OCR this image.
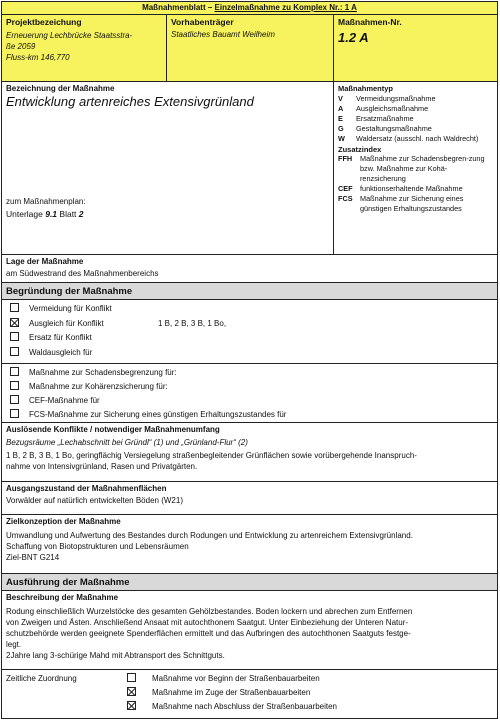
Maßnahmenblatt – Einzelmaßnahme zu Komplex Nr.: 1 A
Projektbezeichung
Erneuerung Lechbrücke Staatsstra-
ße 2059
Fluss-km 146,770
Vorhabenträger
Staatliches Bauamt Weilheim
Maßnahmen-Nr.
1.2 A
Bezeichnung der Maßnahme
Entwicklung artenreiches Extensivgrünland
zum Maßnahmenplan:
Unterlage 9.1 Blatt 2
Maßnahmentyp
V	Vermeidungsmaßnahme
A	Ausgleichsmaßnahme
E	Ersatzmaßnahme
G	Gestaltungsmaßnahme
W	Waldersatz (ausschl. nach Waldrecht)
Zusatzindex
FFH	Maßnahme zur Schadensbegren-zung bzw. Maßnahme zur Kohä-renzsicherung
CEF	funktionserhaltende Maßnahme
FCS	Maßnahme zur Sicherung eines günstigen Erhaltungszustandes
Lage der Maßnahme
am Südwestrand des Maßnahmenbereichs
Begründung der Maßnahme
Vermeidung für Konflikt
Ausgleich für Konflikt	1 B, 2 B, 3 B, 1 Bo,
Ersatz für Konflikt
Waldausgleich für
Maßnahme zur Schadensbegrenzung für:
Maßnahme zur Kohärenzsicherung für:
CEF-Maßnahme für
FCS-Maßnahme zur Sicherung eines günstigen Erhaltungszustandes für
Auslösende Konflikte / notwendiger Maßnahmenumfang
Bezugsräume „Lechabschnitt bei Gründl“ (1) und „Grünland-Flur“ (2)
1 B, 2 B, 3 B, 1 Bo, geringflächig Versiegelung straßenbegleitender Grünflächen sowie vorübergehende Inanspruch-
nahme von Intensivgrünland, Rasen und Privatgärten.
Ausgangszustand der Maßnahmenflächen
Vorwälder auf natürlich entwickelten Böden (W21)
Zielkonzeption der Maßnahme
Umwandlung und Aufwertung des Bestandes durch Rodungen und Entwicklung zu artenreichem Extensivgrünland.
Schaffung von Biotopstrukturen und Lebensräumen
Ziel-BNT G214
Ausführung der Maßnahme
Beschreibung der Maßnahme
Rodung einschließlich Wurzelstöcke des gesamten Gehölzbestandes. Boden lockern und abrechen zum Entfernen
von Zweigen und Ästen. Anschließend Ansaat mit autochthonem Saatgut. Unter Einbeziehung der Unteren Natur-
schutzbehörde werden geeignete Spenderflächen ermittelt und das Aufbringen des autochthonen Saatguts festge-
legt.
2Jahre lang 3-schürige Mahd mit Abtransport des Schnittguts.
Zeitliche Zuordnung	Maßnahme vor Beginn der Straßenbauarbeiten
Maßnahme im Zuge der Straßenbauarbeiten
Maßnahme nach Abschluss der Straßenbauarbeiten
